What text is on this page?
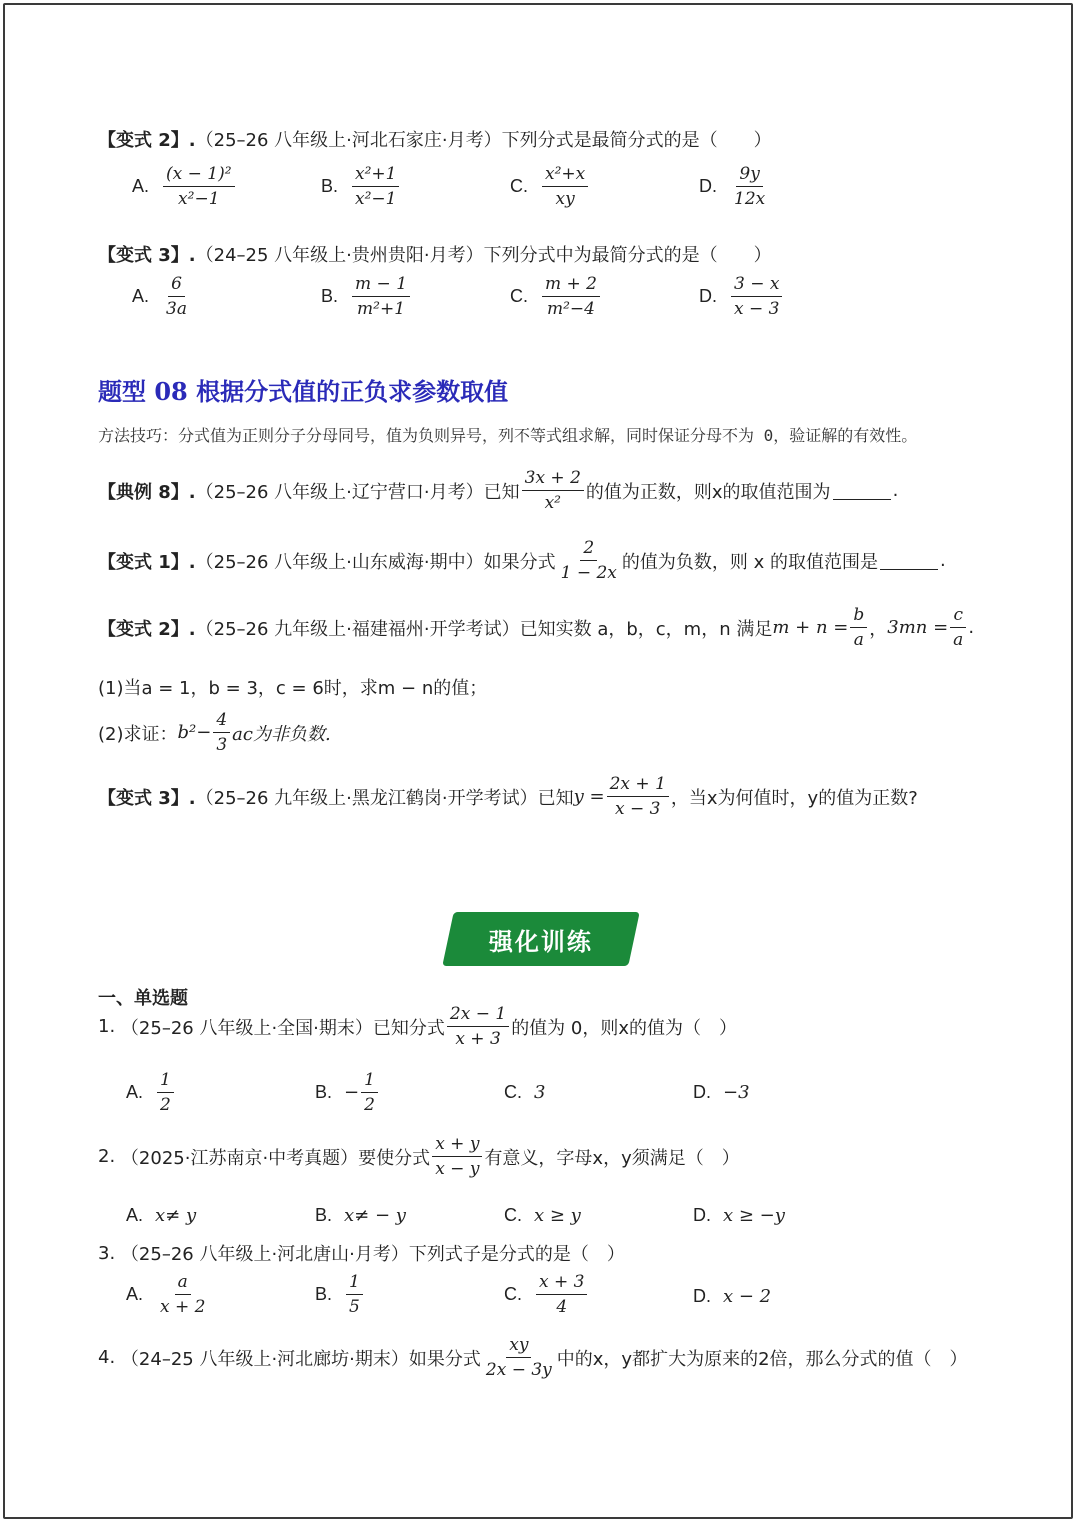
【变式 2】. （25–26 八年级上·河北石家庄·月考）下列分式是最简分式的是（　　）
A. $\frac{\text{(x − 1)²}}{\text{x²−1}}$	B. $\frac{\text{x²+1}}{\text{x²−1}}$	C. $\frac{\text{x²+x}}{xy}$	D. $\frac{9y}{12x}$
【变式 3】. （24–25 八年级上·贵州贵阳·月考）下列分式中为最简分式的是（　　）
A. $\frac{6}{3a}$	B. $\frac{m - 1}{\text{m²+1}}$	C. $\frac{m + 2}{\text{m²−4}}$	D. $\frac{3 - x}{x - 3}$
题型 08 根据分式值的正负求参数取值
方法技巧：分式值为正则分子分母同号，值为负则异号，列不等式组求解，同时保证分母不为 0，验证解的有效性。
【典例 8】. （25–26 八年级上·辽宁营口·月考）已知 $\frac{3x + 2}{\text{x²}}$ 的值为正数，则x的取值范围为	.
【变式 1】. （25–26 八年级上·山东威海·期中）如果分式 $\frac{2}{1 - 2x}$ 的值为负数，则 x 的取值范围是	.
【变式 2】. （25–26 九年级上·福建福州·开学考试）已知实数 a，b，c，m，n 满足 $m + n = \frac{b}{a}$ ， $3mn = \frac{c}{a}$ .
(1)当a = 1，b = 3，c = 6时，求m − n的值；
(2)求证： $b^2- \frac{4}{3}$ ac为非负数.
【变式 3】. （25–26 九年级上·黑龙江鹤岗·开学考试）已知 $y = \frac{2x + 1}{x - 3}$ ，当x为何值时，y的值为正数?
强化训练
一、单选题
1.
（25–26 八年级上·全国·期末）已知分式 $\frac{2x - 1}{x + 3}$ 的值为 0，则x的值为（　）
A. $\frac{1}{2}$	B. − $\frac{1}{2}$	C. 3	D. −3
2.
（2025·江苏南京·中考真题）要使分式 $\frac{x + y}{x - y}$ 有意义，字母x，y须满足（　）
A. x≠ y	B. x≠ − y	C. x ≥ y	D. x ≥ −y
3.
（25–26 八年级上·河北唐山·月考）下列式子是分式的是（　）
A. $\frac{a}{x + 2}$	B. $\frac{1}{5}$	C. $\frac{x + 3}{4}$	D. x − 2
4.
（24–25 八年级上·河北廊坊·期末）如果分式 $\frac{xy}{2x - 3y}$ 中的x，y都扩大为原来的2倍，那么分式的值（　）
